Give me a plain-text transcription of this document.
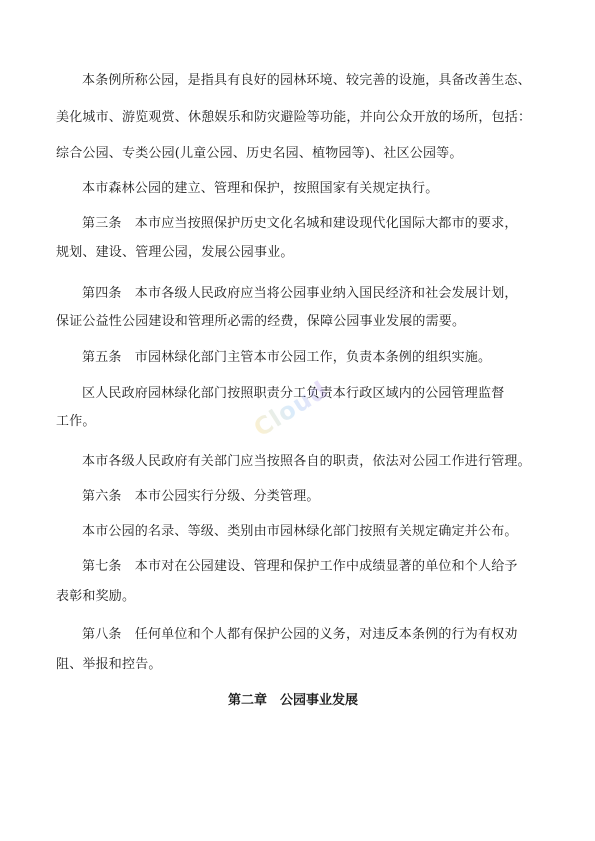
本条例所称公园，是指具有良好的园林环境、较完善的设施，具备改善生态、
美化城市、游览观赏、休憩娱乐和防灾避险等功能，并向公众开放的场所，包括：
综合公园、专类公园(儿童公园、历史名园、植物园等)、社区公园等。
本市森林公园的建立、管理和保护，按照国家有关规定执行。
第三条　本市应当按照保护历史文化名城和建设现代化国际大都市的要求，
规划、建设、管理公园，发展公园事业。
第四条　本市各级人民政府应当将公园事业纳入国民经济和社会发展计划，
保证公益性公园建设和管理所必需的经费，保障公园事业发展的需要。
第五条　市园林绿化部门主管本市公园工作，负责本条例的组织实施。
区人民政府园林绿化部门按照职责分工负责本行政区域内的公园管理监督
工作。
本市各级人民政府有关部门应当按照各自的职责，依法对公园工作进行管理。
第六条　本市公园实行分级、分类管理。
本市公园的名录、等级、类别由市园林绿化部门按照有关规定确定并公布。
第七条　本市对在公园建设、管理和保护工作中成绩显著的单位和个人给予
表彰和奖励。
第八条　任何单位和个人都有保护公园的义务，对违反本条例的行为有权劝
阻、举报和控告。
第二章　公园事业发展
Cloud
